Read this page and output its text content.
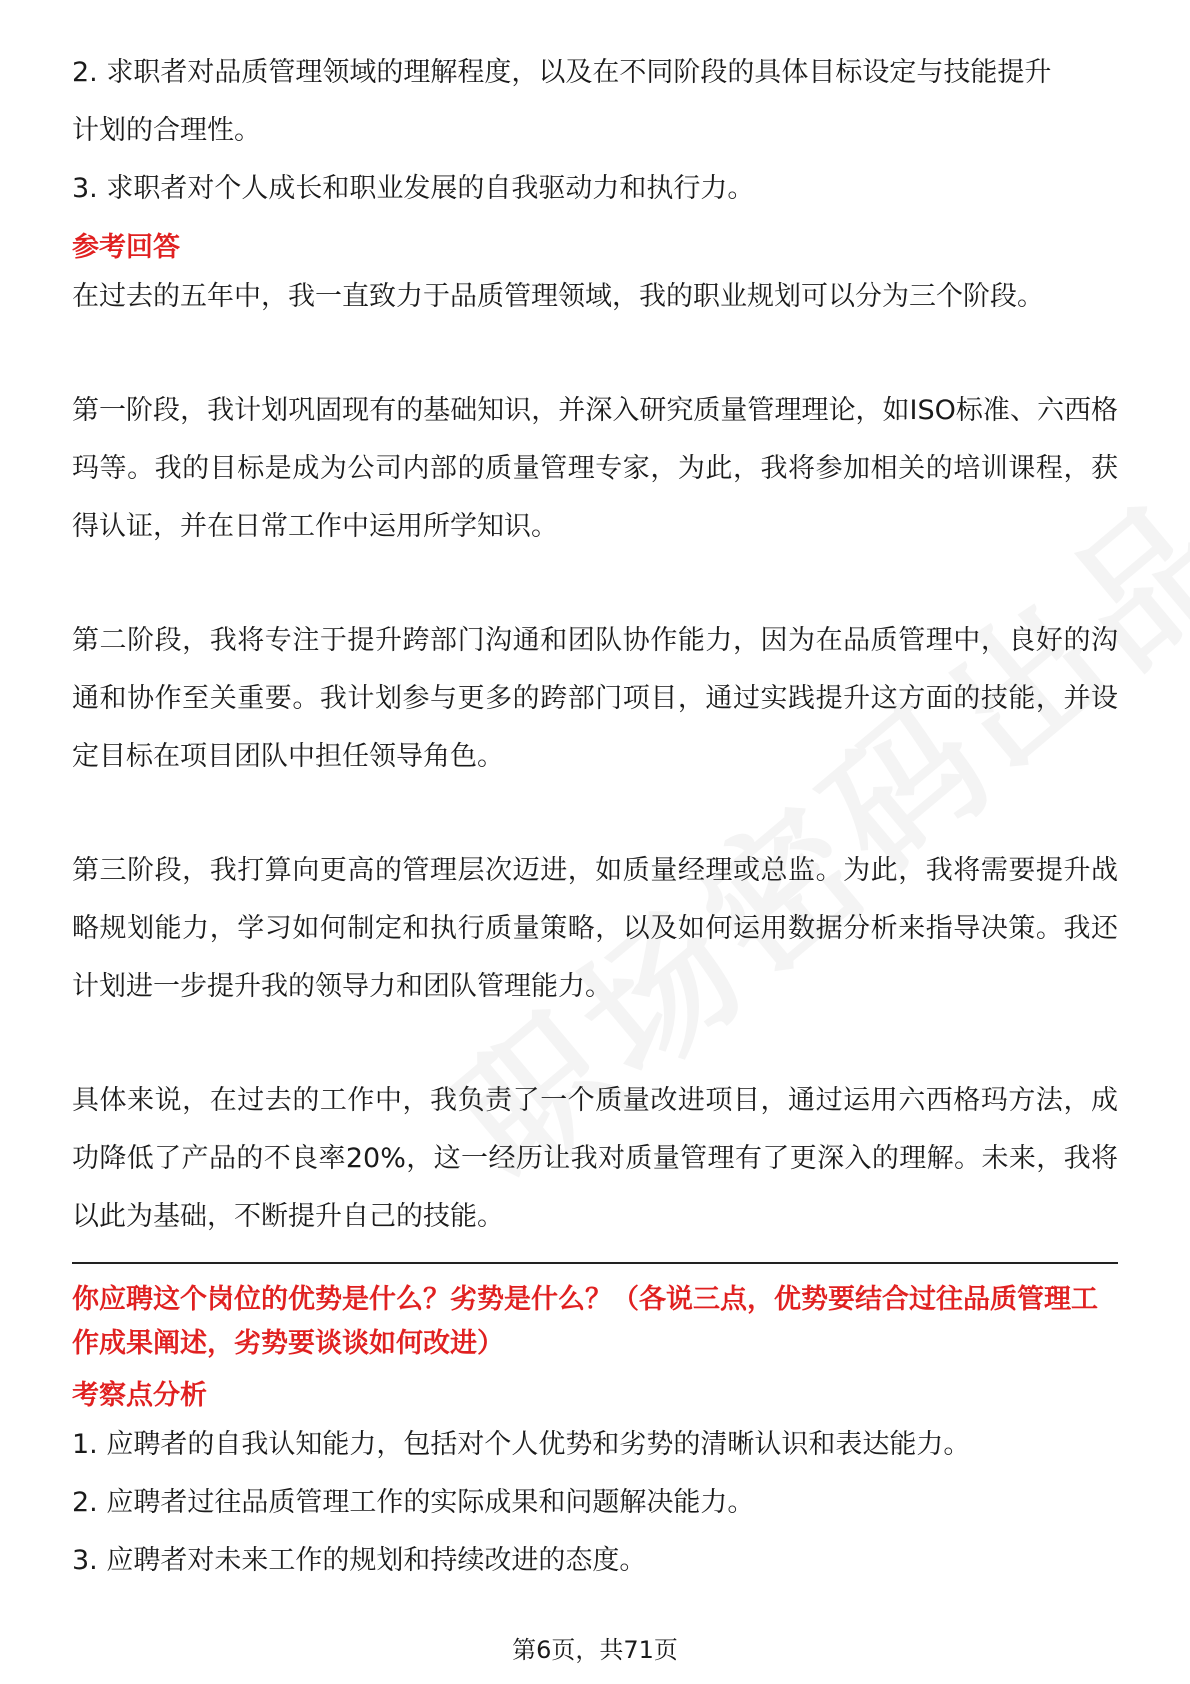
2. 求职者对品质管理领域的理解程度，以及在不同阶段的具体目标设定与技能提升

计划的合理性。

3. 求职者对个人成长和职业发展的自我驱动力和执行力。

参考回答

在过去的五年中，我一直致力于品质管理领域，我的职业规划可以分为三个阶段。

第一阶段，我计划巩固现有的基础知识，并深入研究质量管理理论，如ISO标准、六西格玛等。我的目标是成为公司内部的质量管理专家，为此，我将参加相关的培训课程，获得认证，并在日常工作中运用所学知识。

第二阶段，我将专注于提升跨部门沟通和团队协作能力，因为在品质管理中，良好的沟通和协作至关重要。我计划参与更多的跨部门项目，通过实践提升这方面的技能，并设定目标在项目团队中担任领导角色。

第三阶段，我打算向更高的管理层次迈进，如质量经理或总监。为此，我将需要提升战略规划能力，学习如何制定和执行质量策略，以及如何运用数据分析来指导决策。我还计划进一步提升我的领导力和团队管理能力。

具体来说，在过去的工作中，我负责了一个质量改进项目，通过运用六西格玛方法，成功降低了产品的不良率20%，这一经历让我对质量管理有了更深入的理解。未来，我将以此为基础，不断提升自己的技能。

你应聘这个岗位的优势是什么？劣势是什么？（各说三点，优势要结合过往品质管理工作成果阐述，劣势要谈谈如何改进）
考察点分析

1. 应聘者的自我认知能力，包括对个人优势和劣势的清晰认识和表达能力。

2. 应聘者过往品质管理工作的实际成果和问题解决能力。

3. 应聘者对未来工作的规划和持续改进的态度。

第6页，共71页
